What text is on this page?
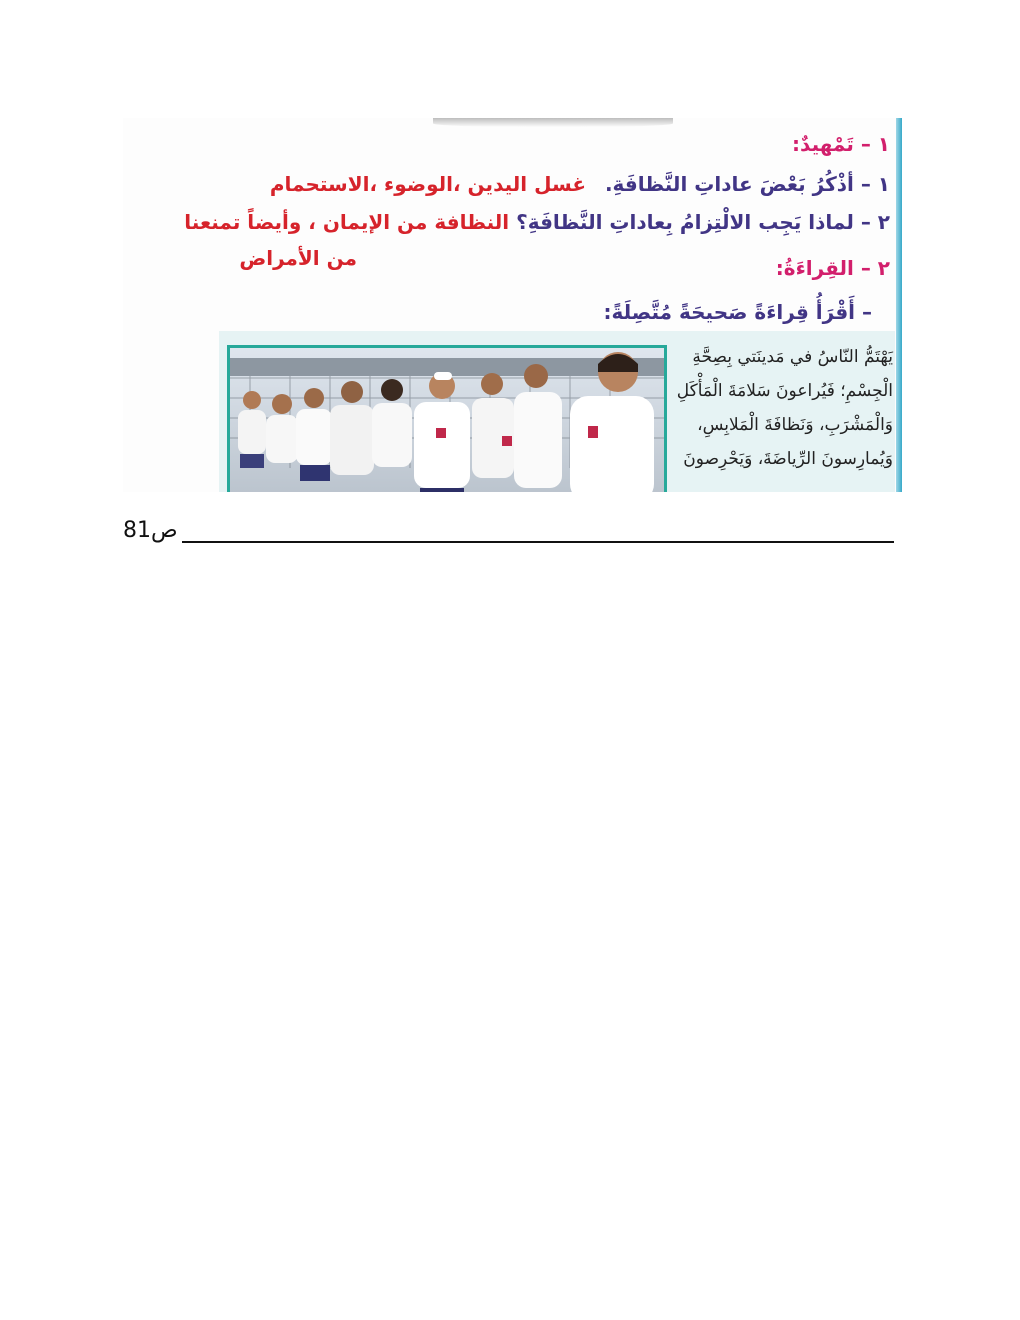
١ – تَمْهيدٌ:
١ – أذْكُرُ بَعْضَ عاداتِ النَّظافَةِ. غسل اليدين ،الوضوء ،الاستحمام
٢ – لماذا يَجِب الالْتِزامُ بِعاداتِ النَّظافَةِ؟ النظافة من الإيمان ، وأيضاً تمنعنا
من الأمراض	٢ – القِراءَةُ:
– أَقْرَأُ قِراءَةً صَحيحَةً مُتَّصِلَةً:
يَهْتَمُّ النّاسُ في مَدينَتي بِصِحَّةِ
الْجِسْمِ؛ فَيُراعونَ سَلامَةَ الْمَأْكَلِ
وَالْمَشْرَبِ، وَنَظافَةَ الْمَلابِسِ،
وَيُمارِسونَ الرِّياضَةَ، وَيَحْرِصونَ
ص81
